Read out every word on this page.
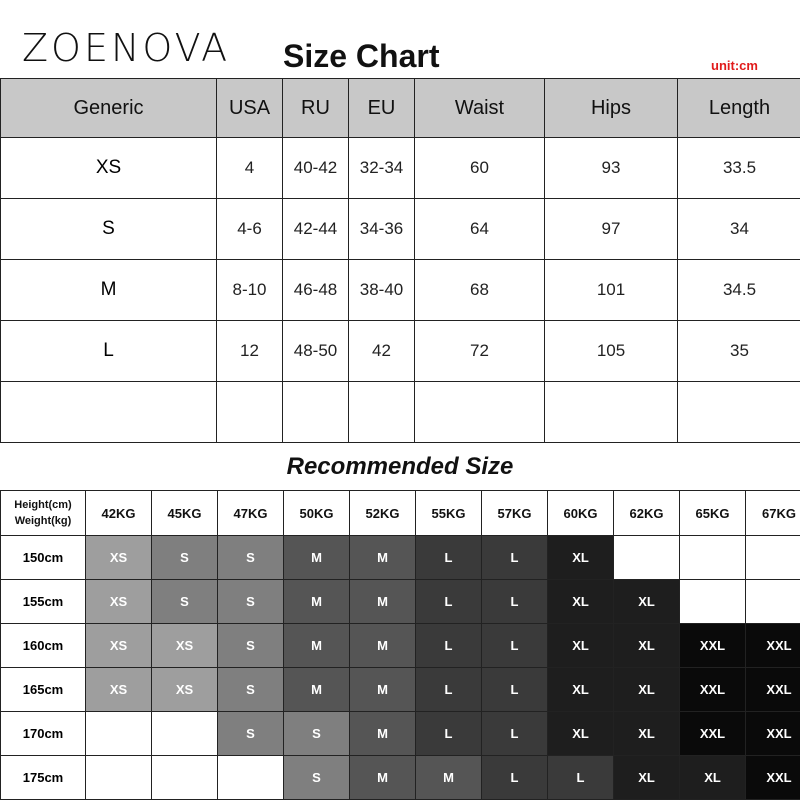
ZOENOVA Size Chart	unit:cm
Generic	USA	RU	EU	Waist	Hips	Length
XS	4	40-42	32-34	60	93	33.5
S	4-6	42-44	34-36	64	97	34
M	8-10	46-48	38-40	68	101	34.5
L	12	48-50	42	72	105	35

Recommended Size
Height(cm)
Weight(kg)	42KG	45KG	47KG	50KG	52KG	55KG	57KG	60KG	62KG	65KG	67KG
150cm	XS	S	S	M	M	L	L	XL			
155cm	XS	S	S	M	M	L	L	XL	XL		
160cm	XS	XS	S	M	M	L	L	XL	XL	XXL	XXL
165cm	XS	XS	S	M	M	L	L	XL	XL	XXL	XXL
170cm			S	S	M	L	L	XL	XL	XXL	XXL
175cm				S	M	M	L	L	XL	XL	XXL
